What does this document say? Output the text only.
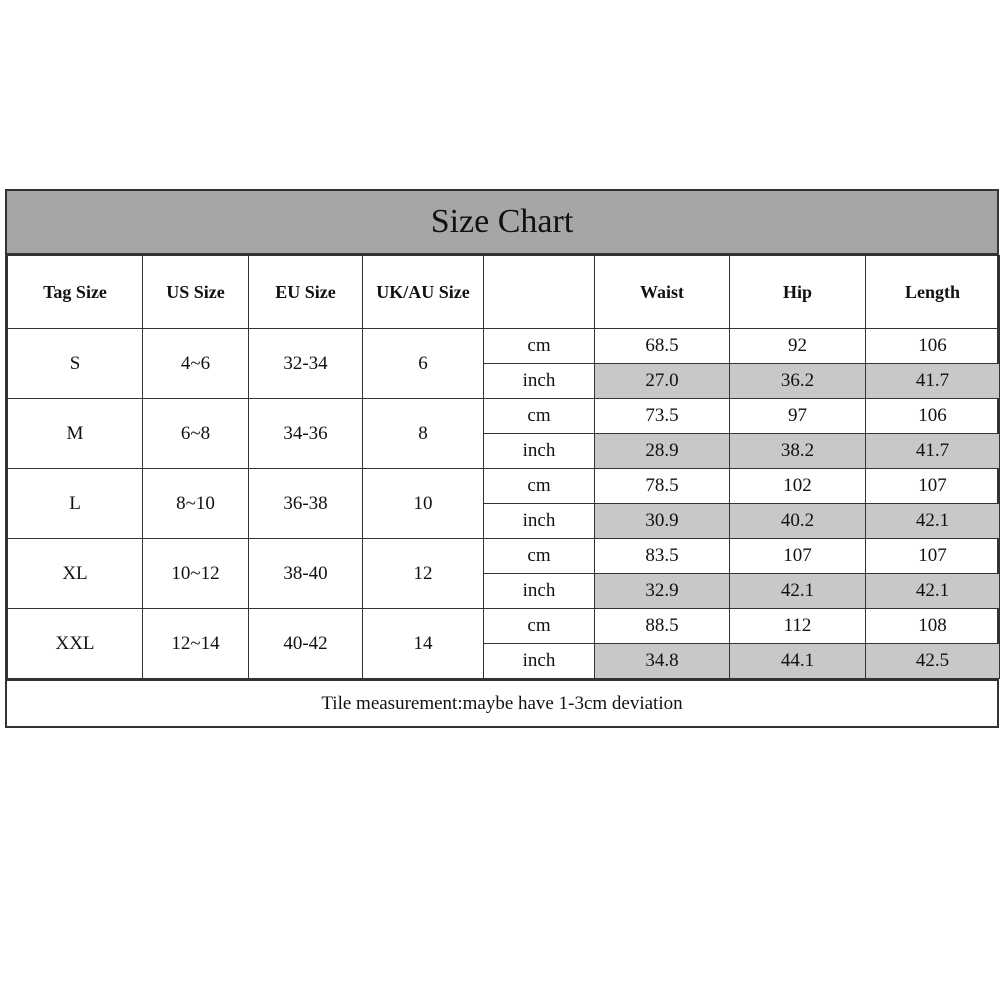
Size Chart
Tag Size	US Size	EU Size	UK/AU Size		Waist	Hip	Length
S	4~6	32-34	6	cm	68.5	92	106
				inch	27.0	36.2	41.7
M	6~8	34-36	8	cm	73.5	97	106
				inch	28.9	38.2	41.7
L	8~10	36-38	10	cm	78.5	102	107
				inch	30.9	40.2	42.1
XL	10~12	38-40	12	cm	83.5	107	107
				inch	32.9	42.1	42.1
XXL	12~14	40-42	14	cm	88.5	112	108
				inch	34.8	44.1	42.5
Tile measurement:maybe have 1-3cm deviation
